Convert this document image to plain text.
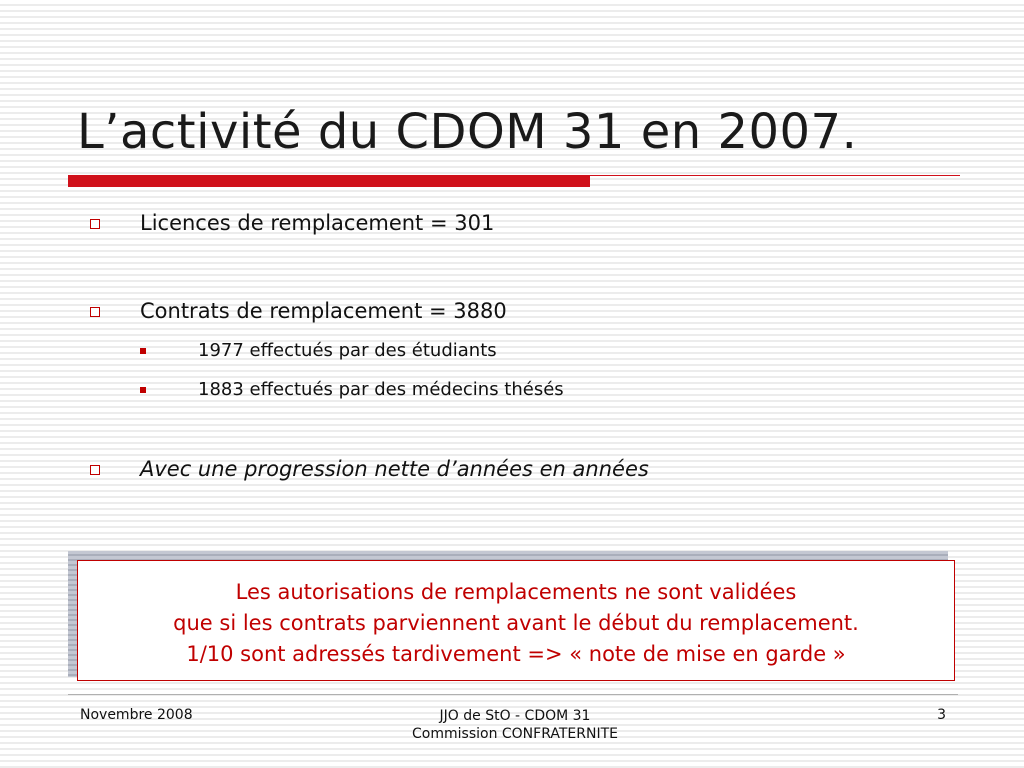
L’activité du CDOM 31 en 2007.
Licences de remplacement = 301
Contrats de remplacement = 3880
1977 effectués par des étudiants
1883 effectués par des médecins thésés
Avec une progression nette d’années en années
Les autorisations de remplacements ne sont validées
que si les contrats parviennent avant le début du remplacement.
1/10 sont adressés tardivement => « note de mise en garde »
Novembre 2008	JJO de StO - CDOM 31
Commission CONFRATERNITE
3
